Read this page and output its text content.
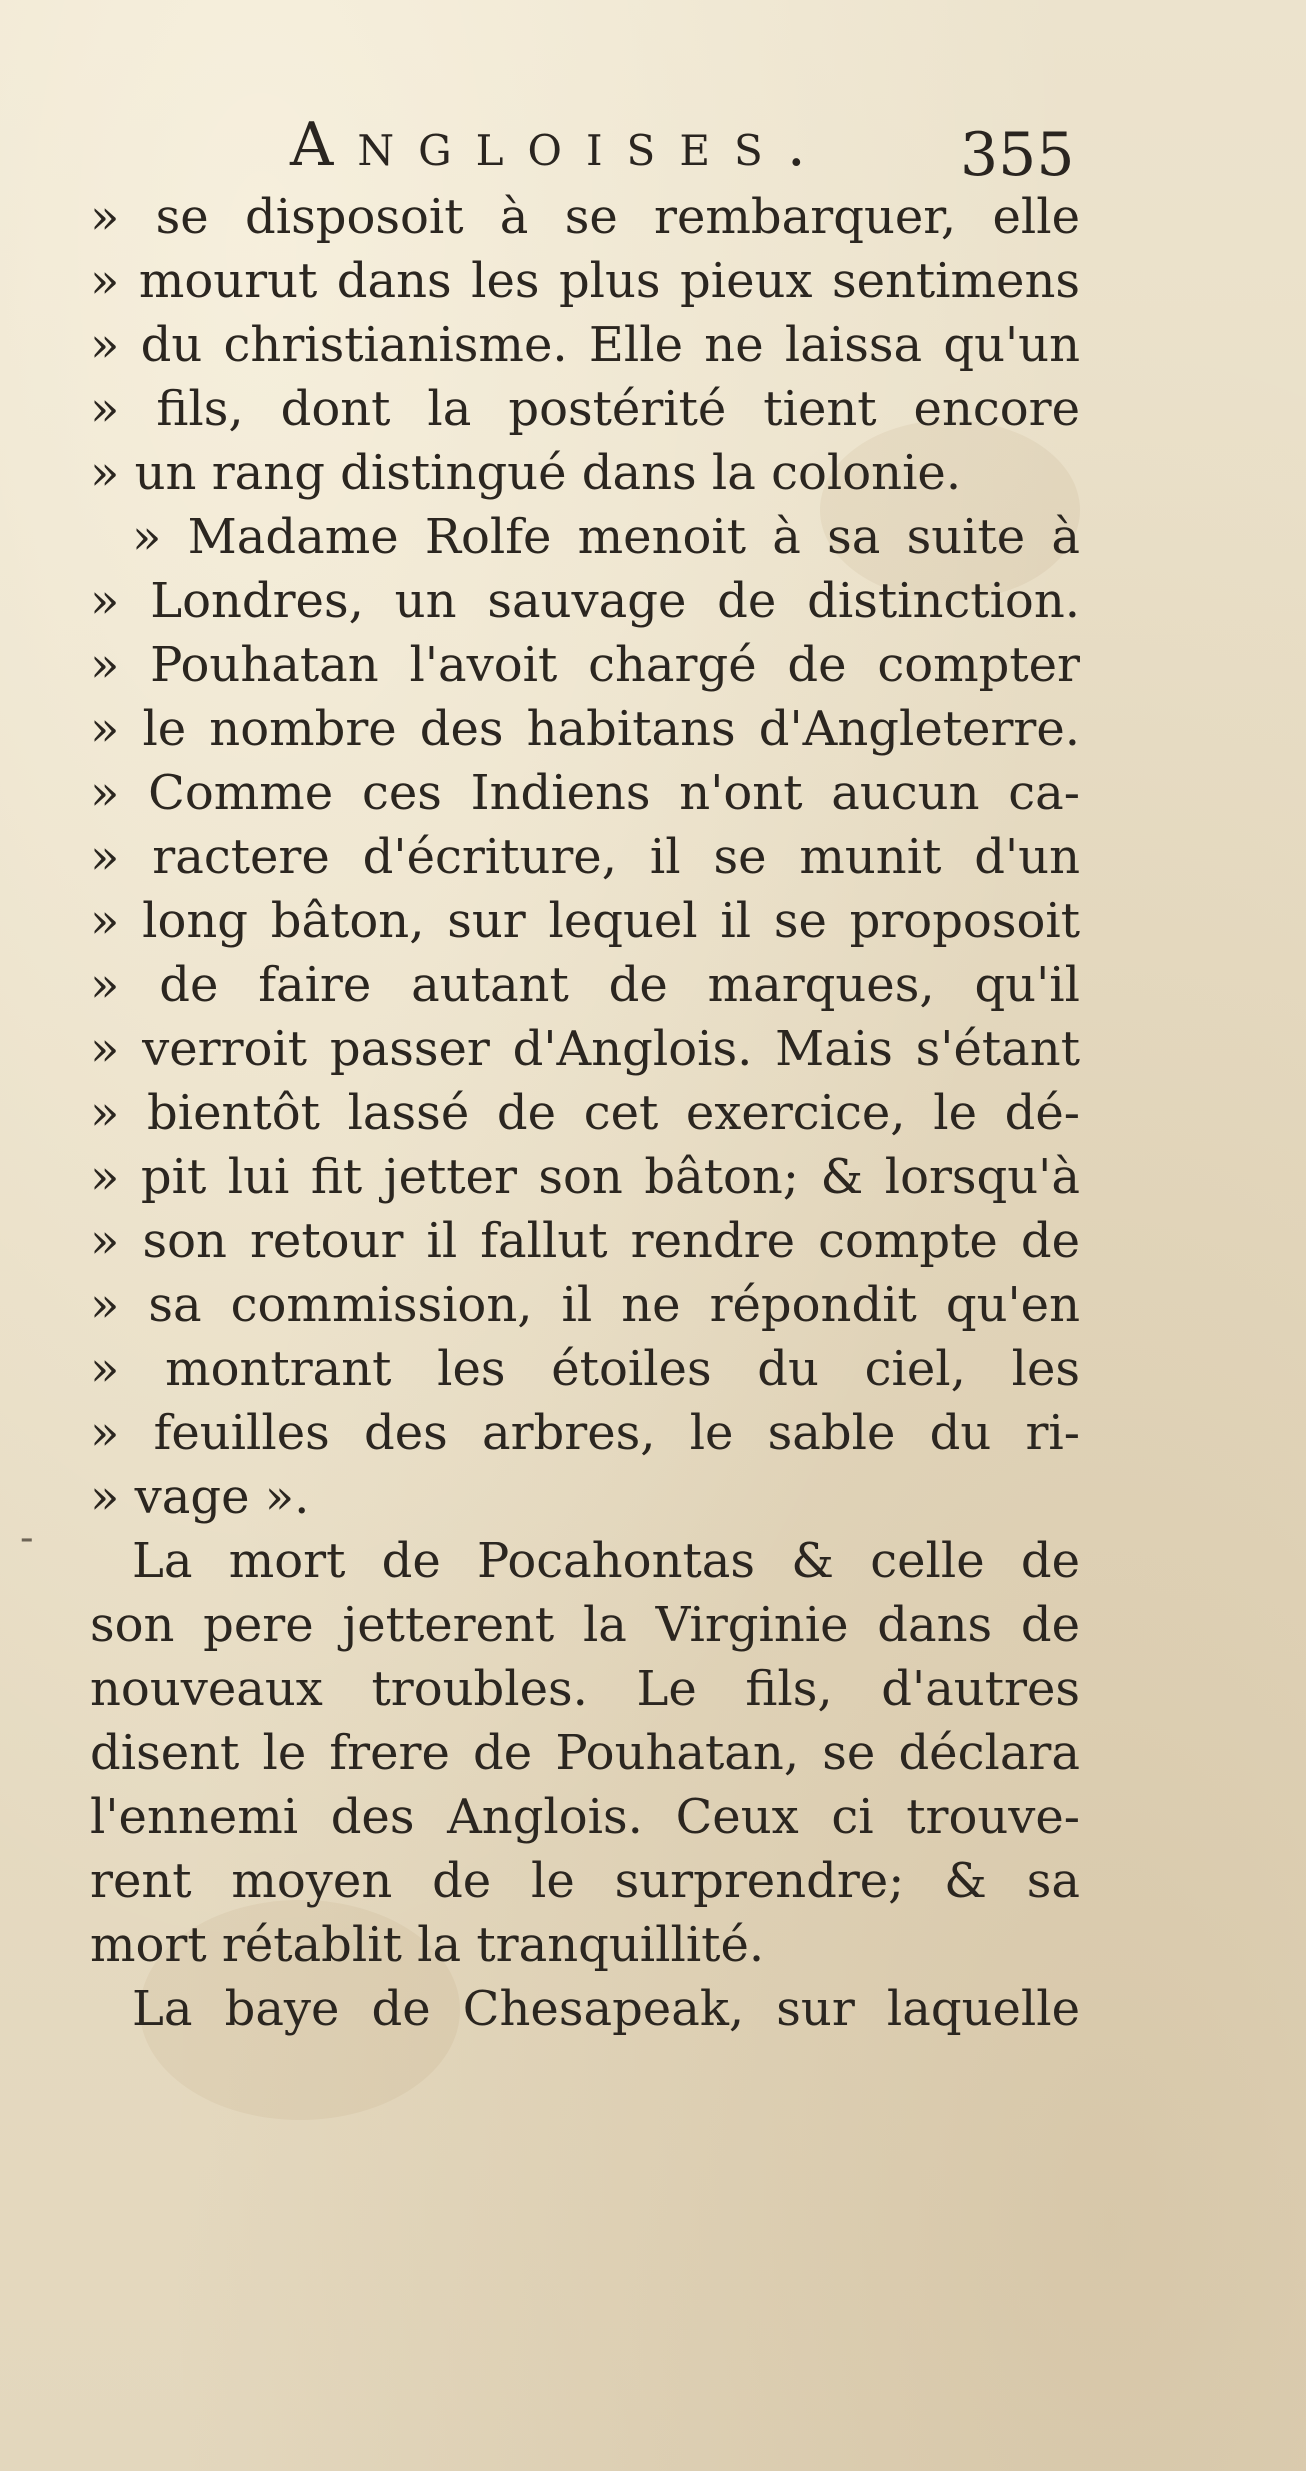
Angloises. 355
-
» se disposoit à se rembarquer, elle
» mourut dans les plus pieux sentimens
» du christianisme. Elle ne laissa qu'un
» fils, dont la postérité tient encore
» un rang distingué dans la colonie.
» Madame Rolfe menoit à sa suite à
» Londres, un sauvage de distinction.
» Pouhatan l'avoit chargé de compter
» le nombre des habitans d'Angleterre.
» Comme ces Indiens n'ont aucun ca-
» ractere d'écriture, il se munit d'un
» long bâton, sur lequel il se proposoit
» de faire autant de marques, qu'il
» verroit passer d'Anglois. Mais s'étant
» bientôt lassé de cet exercice, le dé-
» pit lui fit jetter son bâton; & lorsqu'à
» son retour il fallut rendre compte de
» sa commission, il ne répondit qu'en
» montrant les étoiles du ciel, les
» feuilles des arbres, le sable du ri-
» vage ».
La mort de Pocahontas & celle de
son pere jetterent la Virginie dans de
nouveaux troubles. Le fils, d'autres
disent le frere de Pouhatan, se déclara
l'ennemi des Anglois. Ceux ci trouve-
rent moyen de le surprendre; & sa
mort rétablit la tranquillité.
La baye de Chesapeak, sur laquelle
